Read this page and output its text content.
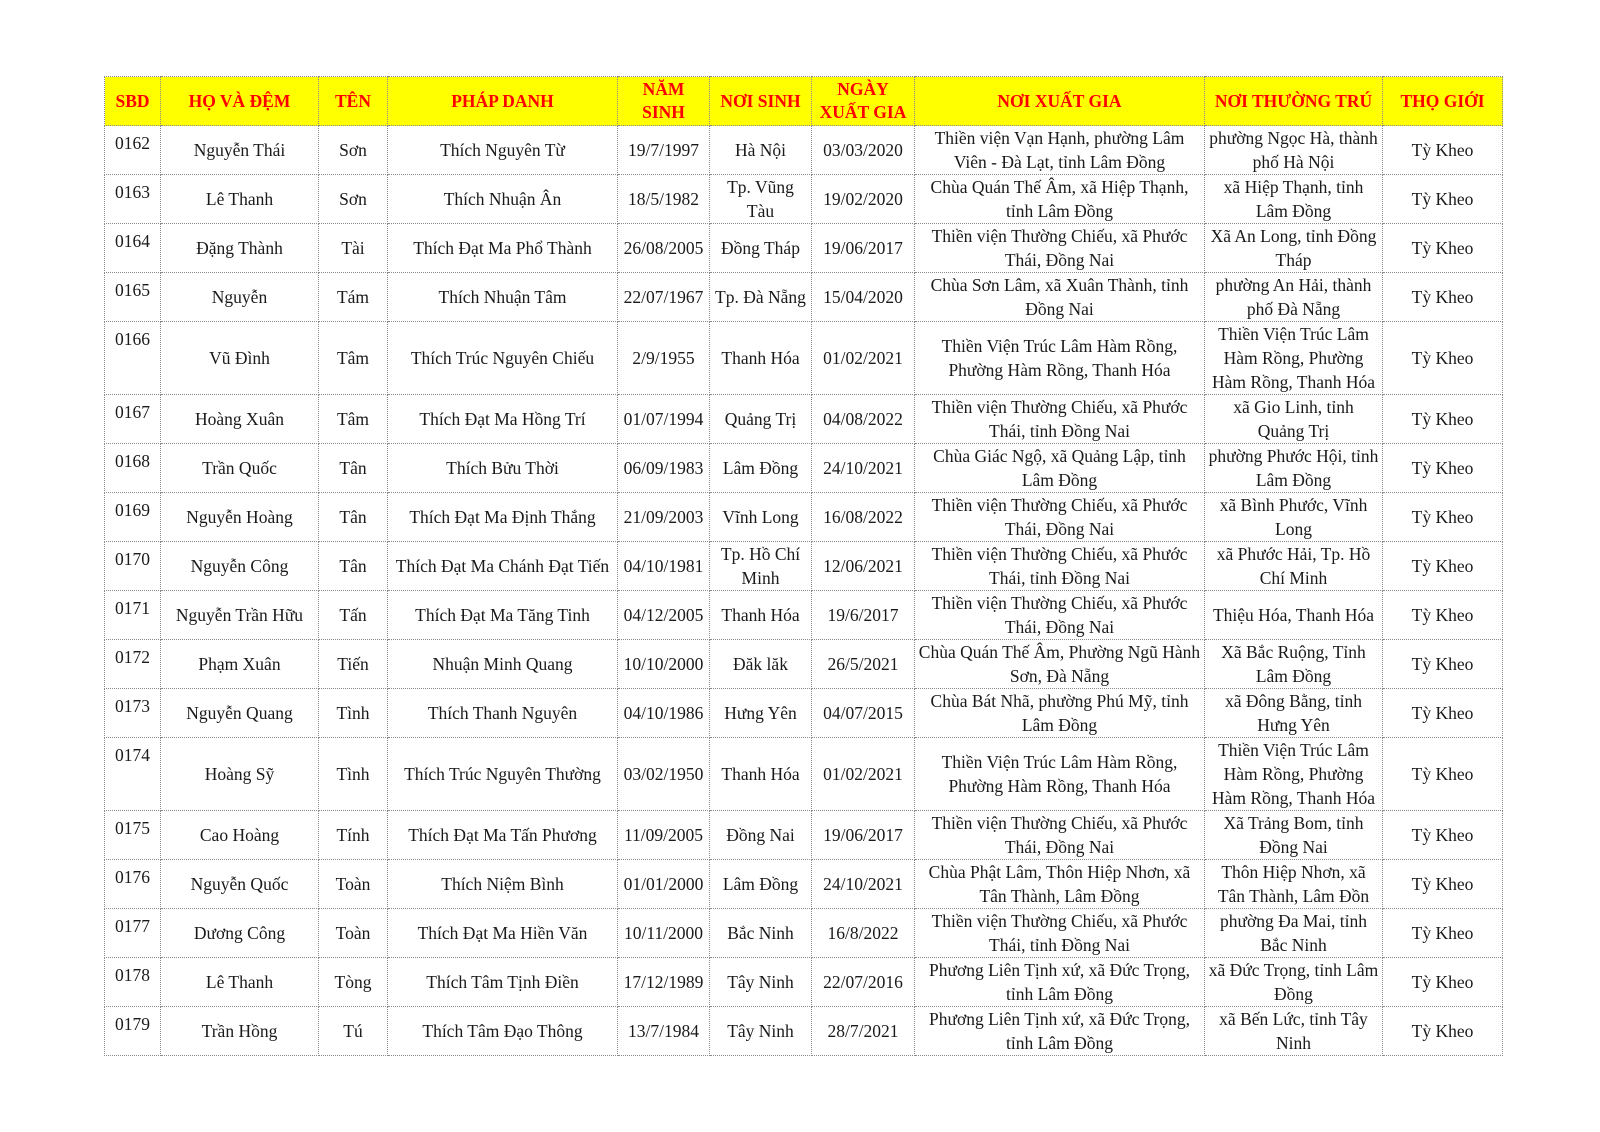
SBD	HỌ VÀ ĐỆM	TÊN	PHÁP DANH	NĂM SINH	NƠI SINH	NGÀY XUẤT GIA	NƠI XUẤT GIA	NƠI THƯỜNG TRÚ	THỌ GIỚI
0162	Nguyễn Thái	Sơn	Thích Nguyên Từ	19/7/1997	Hà Nội	03/03/2020	Thiền viện Vạn Hạnh, phường Lâm Viên - Đà Lạt, tỉnh Lâm Đồng	phường Ngọc Hà, thành phố Hà Nội	Tỳ Kheo
0163	Lê Thanh	Sơn	Thích Nhuận Ân	18/5/1982	Tp. Vũng Tàu	19/02/2020	Chùa Quán Thế Âm, xã Hiệp Thạnh, tỉnh Lâm Đồng	xã Hiệp Thạnh, tỉnh Lâm Đồng	Tỳ Kheo
0164	Đặng Thành	Tài	Thích Đạt Ma Phổ Thành	26/08/2005	Đồng Tháp	19/06/2017	Thiền viện Thường Chiếu, xã Phước Thái, Đồng Nai	Xã An Long, tỉnh Đồng Tháp	Tỳ Kheo
0165	Nguyễn	Tám	Thích Nhuận Tâm	22/07/1967	Tp. Đà Nẵng	15/04/2020	Chùa Sơn Lâm, xã Xuân Thành, tỉnh Đồng Nai	phường An Hải, thành phố Đà Nẵng	Tỳ Kheo
0166	Vũ Đình	Tâm	Thích Trúc Nguyên Chiếu	2/9/1955	Thanh Hóa	01/02/2021	Thiền Viện Trúc Lâm Hàm Rồng, Phường Hàm Rồng, Thanh Hóa	Thiền Viện Trúc Lâm Hàm Rồng, Phường Hàm Rồng, Thanh Hóa	Tỳ Kheo
0167	Hoàng Xuân	Tâm	Thích Đạt Ma Hồng Trí	01/07/1994	Quảng Trị	04/08/2022	Thiền viện Thường Chiếu, xã Phước Thái, tỉnh Đồng Nai	xã Gio Linh, tỉnh Quảng Trị	Tỳ Kheo
0168	Trần Quốc	Tân	Thích Bửu Thời	06/09/1983	Lâm Đồng	24/10/2021	Chùa Giác Ngộ, xã Quảng Lập, tỉnh Lâm Đồng	phường Phước Hội, tỉnh Lâm Đồng	Tỳ Kheo
0169	Nguyễn Hoàng	Tân	Thích Đạt Ma Định Thắng	21/09/2003	Vĩnh Long	16/08/2022	Thiền viện Thường Chiếu, xã Phước Thái, Đồng Nai	xã Bình Phước, Vĩnh Long	Tỳ Kheo
0170	Nguyễn Công	Tân	Thích Đạt Ma Chánh Đạt Tiến	04/10/1981	Tp. Hồ Chí Minh	12/06/2021	Thiền viện Thường Chiếu, xã Phước Thái, tỉnh Đồng Nai	xã Phước Hải, Tp. Hồ Chí Minh	Tỳ Kheo
0171	Nguyễn Trần Hữu	Tấn	Thích Đạt Ma Tăng Tinh	04/12/2005	Thanh Hóa	19/6/2017	Thiền viện Thường Chiếu, xã Phước Thái, Đồng Nai	Thiệu Hóa, Thanh Hóa	Tỳ Kheo
0172	Phạm Xuân	Tiến	Nhuận Minh Quang	10/10/2000	Đăk lăk	26/5/2021	Chùa Quán Thế Âm, Phường Ngũ Hành Sơn, Đà Nẵng	Xã Bắc Ruộng, Tỉnh Lâm Đồng	Tỳ Kheo
0173	Nguyễn Quang	Tình	Thích Thanh Nguyên	04/10/1986	Hưng Yên	04/07/2015	Chùa Bát Nhã, phường Phú Mỹ, tỉnh Lâm Đồng	xã Đông Bằng, tỉnh Hưng Yên	Tỳ Kheo
0174	Hoàng Sỹ	Tình	Thích Trúc Nguyên Thường	03/02/1950	Thanh Hóa	01/02/2021	Thiền Viện Trúc Lâm Hàm Rồng, Phường Hàm Rồng, Thanh Hóa	Thiền Viện Trúc Lâm Hàm Rồng, Phường Hàm Rồng, Thanh Hóa	Tỳ Kheo
0175	Cao Hoàng	Tính	Thích Đạt Ma Tấn Phương	11/09/2005	Đồng Nai	19/06/2017	Thiền viện Thường Chiếu, xã Phước Thái, Đồng Nai	Xã Trảng Bom, tỉnh Đồng Nai	Tỳ Kheo
0176	Nguyễn Quốc	Toàn	Thích Niệm Bình	01/01/2000	Lâm Đồng	24/10/2021	Chùa Phật Lâm, Thôn Hiệp Nhơn, xã Tân Thành, Lâm Đồng	Thôn Hiệp Nhơn, xã Tân Thành, Lâm Đồn	Tỳ Kheo
0177	Dương Công	Toàn	Thích Đạt Ma Hiền Văn	10/11/2000	Bắc Ninh	16/8/2022	Thiền viện Thường Chiếu, xã Phước Thái, tỉnh Đồng Nai	phường Đa Mai, tỉnh Bắc Ninh	Tỳ Kheo
0178	Lê Thanh	Tòng	Thích Tâm Tịnh Điền	17/12/1989	Tây Ninh	22/07/2016	Phương Liên Tịnh xứ, xã Đức Trọng, tỉnh Lâm Đồng	xã Đức Trọng, tỉnh Lâm Đồng	Tỳ Kheo
0179	Trần Hồng	Tú	Thích Tâm Đạo Thông	13/7/1984	Tây Ninh	28/7/2021	Phương Liên Tịnh xứ, xã Đức Trọng, tỉnh Lâm Đồng	xã Bến Lức, tỉnh Tây Ninh	Tỳ Kheo
